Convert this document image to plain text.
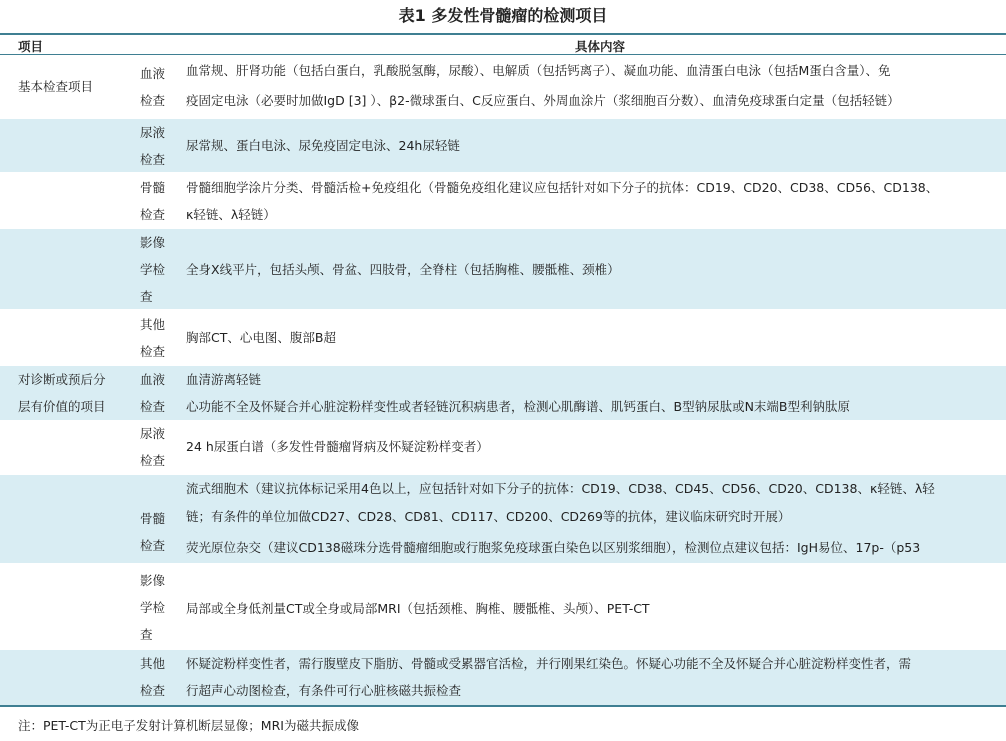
表1 多发性骨髓瘤的检测项目
项目	具体内容
基本检查项目
血液
检查
血常规、肝肾功能（包括白蛋白，乳酸脱氢酶，尿酸）、电解质（包括钙离子）、凝血功能、血清蛋白电泳（包括M蛋白含量）、免
疫固定电泳（必要时加做IgD [3] ）、β2-微球蛋白、C反应蛋白、外周血涂片（浆细胞百分数）、血清免疫球蛋白定量（包括轻链）
尿液
检查
尿常规、蛋白电泳、尿免疫固定电泳、24h尿轻链
骨髓
检查
骨髓细胞学涂片分类、骨髓活检+免疫组化（骨髓免疫组化建议应包括针对如下分子的抗体：CD19、CD20、CD38、CD56、CD138、
κ轻链、λ轻链）
影像
学检
查
全身X线平片，包括头颅、骨盆、四肢骨，全脊柱（包括胸椎、腰骶椎、颈椎）
其他
检查
胸部CT、心电图、腹部B超
对诊断或预后分
层有价值的项目
血液
检查
血清游离轻链
心功能不全及怀疑合并心脏淀粉样变性或者轻链沉积病患者，检测心肌酶谱、肌钙蛋白、B型钠尿肽或N末端B型利钠肽原
尿液
检查
24 h尿蛋白谱（多发性骨髓瘤肾病及怀疑淀粉样变者）
骨髓
检查
流式细胞术（建议抗体标记采用4色以上，应包括针对如下分子的抗体：CD19、CD38、CD45、CD56、CD20、CD138、κ轻链、λ轻
链；有条件的单位加做CD27、CD28、CD81、CD117、CD200、CD269等的抗体，建议临床研究时开展）
荧光原位杂交（建议CD138磁珠分选骨髓瘤细胞或行胞浆免疫球蛋白染色以区别浆细胞），检测位点建议包括：IgH易位、17p-（p53
影像
学检
查
局部或全身低剂量CT或全身或局部MRI（包括颈椎、胸椎、腰骶椎、头颅）、PET-CT
其他
检查
怀疑淀粉样变性者，需行腹壁皮下脂肪、骨髓或受累器官活检，并行刚果红染色。怀疑心功能不全及怀疑合并心脏淀粉样变性者，需
行超声心动图检查，有条件可行心脏核磁共振检查
注：PET-CT为正电子发射计算机断层显像；MRI为磁共振成像
